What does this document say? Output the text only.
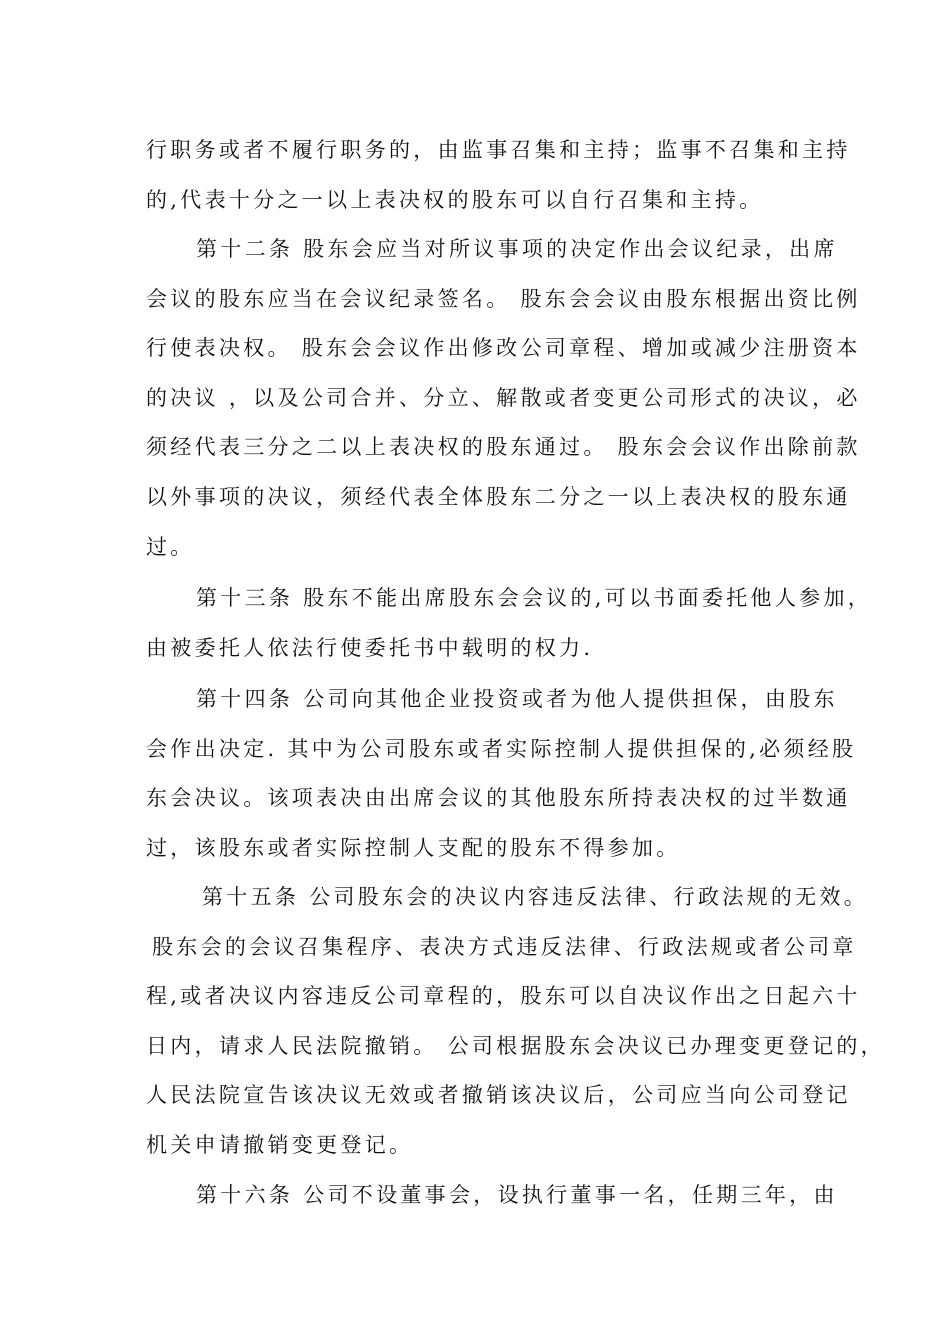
行职务或者不履行职务的，由监事召集和主持；监事不召集和主持
的,代表十分之一以上表决权的股东可以自行召集和主持。
第十二条 股东会应当对所议事项的决定作出会议纪录，出席
会议的股东应当在会议纪录签名。 股东会会议由股东根据出资比例
行使表决权。 股东会会议作出修改公司章程、增加或减少注册资本
的决议 ，以及公司合并、分立、解散或者变更公司形式的决议，必
须经代表三分之二以上表决权的股东通过。 股东会会议作出除前款
以外事项的决议，须经代表全体股东二分之一以上表决权的股东通
过。
第十三条 股东不能出席股东会会议的,可以书面委托他人参加，
由被委托人依法行使委托书中载明的权力.
第十四条 公司向其他企业投资或者为他人提供担保，由股东
会作出决定. 其中为公司股东或者实际控制人提供担保的,必须经股
东会决议。该项表决由出席会议的其他股东所持表决权的过半数通
过，该股东或者实际控制人支配的股东不得参加。
第十五条 公司股东会的决议内容违反法律、行政法规的无效。
股东会的会议召集程序、表决方式违反法律、行政法规或者公司章
程,或者决议内容违反公司章程的，股东可以自决议作出之日起六十
日内，请求人民法院撤销。 公司根据股东会决议已办理变更登记的，
人民法院宣告该决议无效或者撤销该决议后，公司应当向公司登记
机关申请撤销变更登记。
第十六条 公司不设董事会，设执行董事一名，任期三年，由
